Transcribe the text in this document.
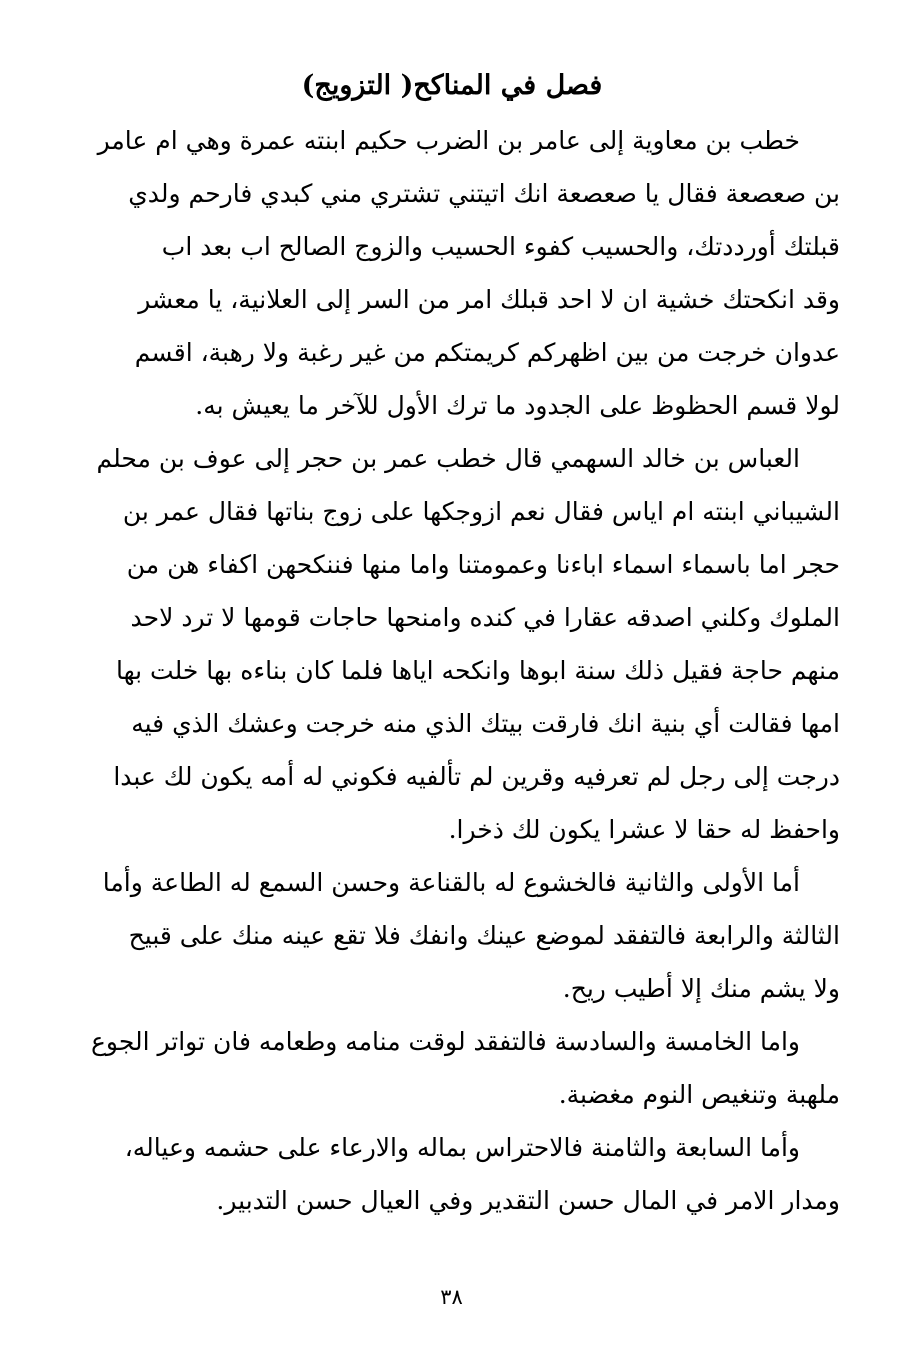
فصل في المناكح( التزويج)
خطب بن معاوية إلى عامر بن الضرب حكيم ابنته عمرة وهي ام عامر
بن صعصعة فقال يا صعصعة انك اتيتني تشتري مني كبدي فارحم ولدي
قبلتك أورددتك، والحسيب كفوء الحسيب والزوج الصالح اب بعد اب
وقد انكحتك خشية ان لا احد قبلك امر من السر إلى العلانية، يا معشر
عدوان خرجت من بين اظهركم كريمتكم من غير رغبة ولا رهبة، اقسم
لولا قسم الحظوظ على الجدود ما ترك الأول للآخر ما يعيش به.
العباس بن خالد السهمي قال خطب عمر بن حجر إلى عوف بن محلم
الشيباني ابنته ام اياس فقال نعم ازوجكها على زوج بناتها فقال عمر بن
حجر اما باسماء اسماء اباءنا وعمومتنا واما منها فننكحهن اكفاء هن من
الملوك وكلني اصدقه عقارا في كنده وامنحها حاجات قومها لا ترد لاحد
منهم حاجة فقيل ذلك سنة ابوها وانكحه اياها فلما كان بناءه بها خلت بها
امها فقالت أي بنية انك فارقت بيتك الذي منه خرجت وعشك الذي فيه
درجت إلى رجل لم تعرفيه وقرين لم تألفيه فكوني له أمه يكون لك عبدا
واحفظ له حقا لا عشرا يكون لك ذخرا.
أما الأولى والثانية فالخشوع له بالقناعة وحسن السمع له الطاعة وأما
الثالثة والرابعة فالتفقد لموضع عينك وانفك فلا تقع عينه منك على قبيح
ولا يشم منك إلا أطيب ريح.
واما الخامسة والسادسة فالتفقد لوقت منامه وطعامه فان تواتر الجوع
ملهبة وتنغيص النوم مغضبة.
وأما السابعة والثامنة فالاحتراس بماله والارعاء على حشمه وعياله،
ومدار الامر في المال حسن التقدير وفي العيال حسن التدبير.
٣٨
